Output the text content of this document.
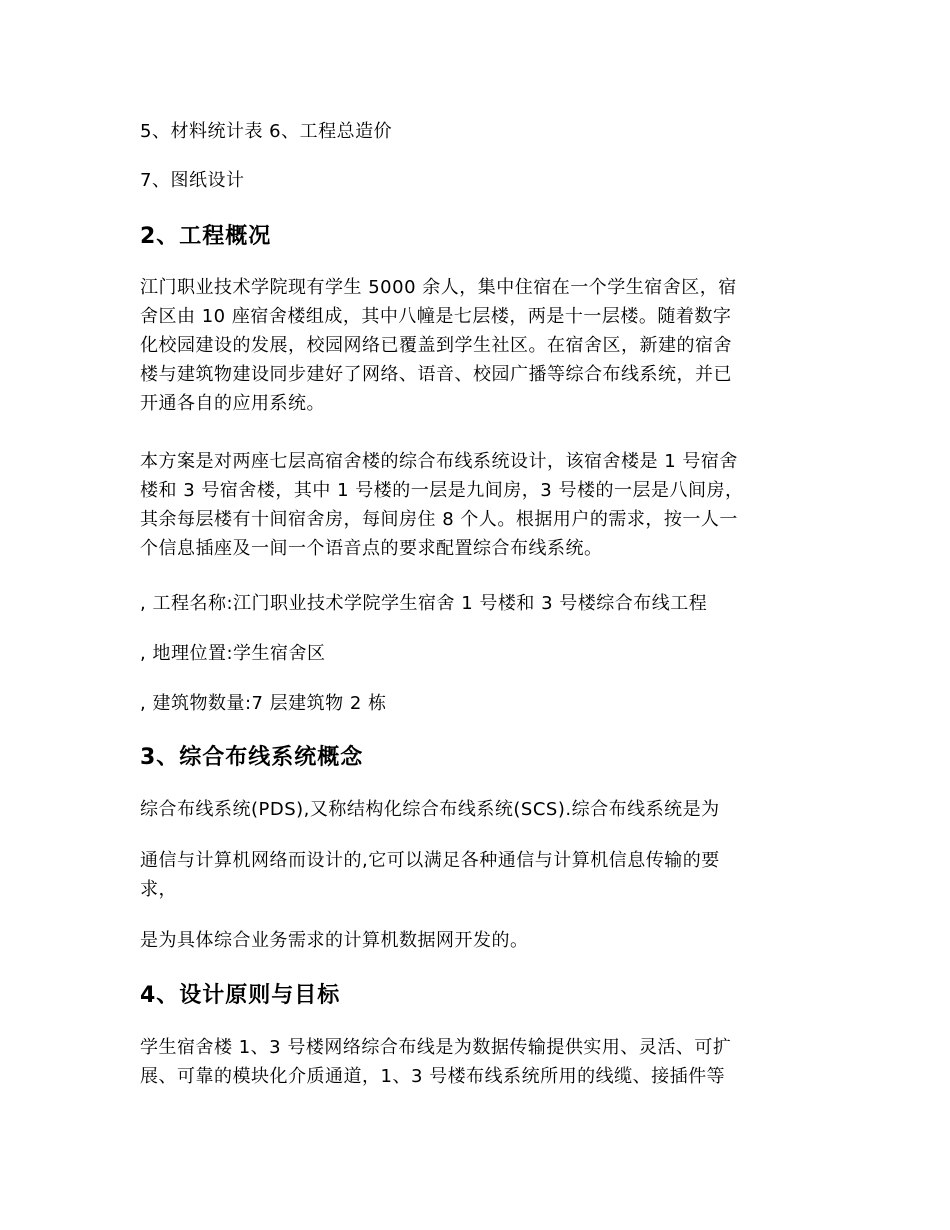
5、材料统计表 6、工程总造价
7、图纸设计
2、工程概况
江门职业技术学院现有学生 5000 余人，集中住宿在一个学生宿舍区，宿
舍区由 10 座宿舍楼组成，其中八幢是七层楼，两是十一层楼。随着数字
化校园建设的发展，校园网络已覆盖到学生社区。在宿舍区，新建的宿舍
楼与建筑物建设同步建好了网络、语音、校园广播等综合布线系统，并已
开通各自的应用系统。
本方案是对两座七层高宿舍楼的综合布线系统设计，该宿舍楼是 1 号宿舍
楼和 3 号宿舍楼，其中 1 号楼的一层是九间房，3 号楼的一层是八间房，
其余每层楼有十间宿舍房，每间房住 8 个人。根据用户的需求，按一人一
个信息插座及一间一个语音点的要求配置综合布线系统。
, 工程名称:江门职业技术学院学生宿舍 1 号楼和 3 号楼综合布线工程
, 地理位置:学生宿舍区
, 建筑物数量:7 层建筑物 2 栋
3、综合布线系统概念
综合布线系统(PDS),又称结构化综合布线系统(SCS).综合布线系统是为
通信与计算机网络而设计的,它可以满足各种通信与计算机信息传输的要
求，
是为具体综合业务需求的计算机数据网开发的。
4、设计原则与目标
学生宿舍楼 1、3 号楼网络综合布线是为数据传输提供实用、灵活、可扩
展、可靠的模块化介质通道，1、3 号楼布线系统所用的线缆、接插件等
